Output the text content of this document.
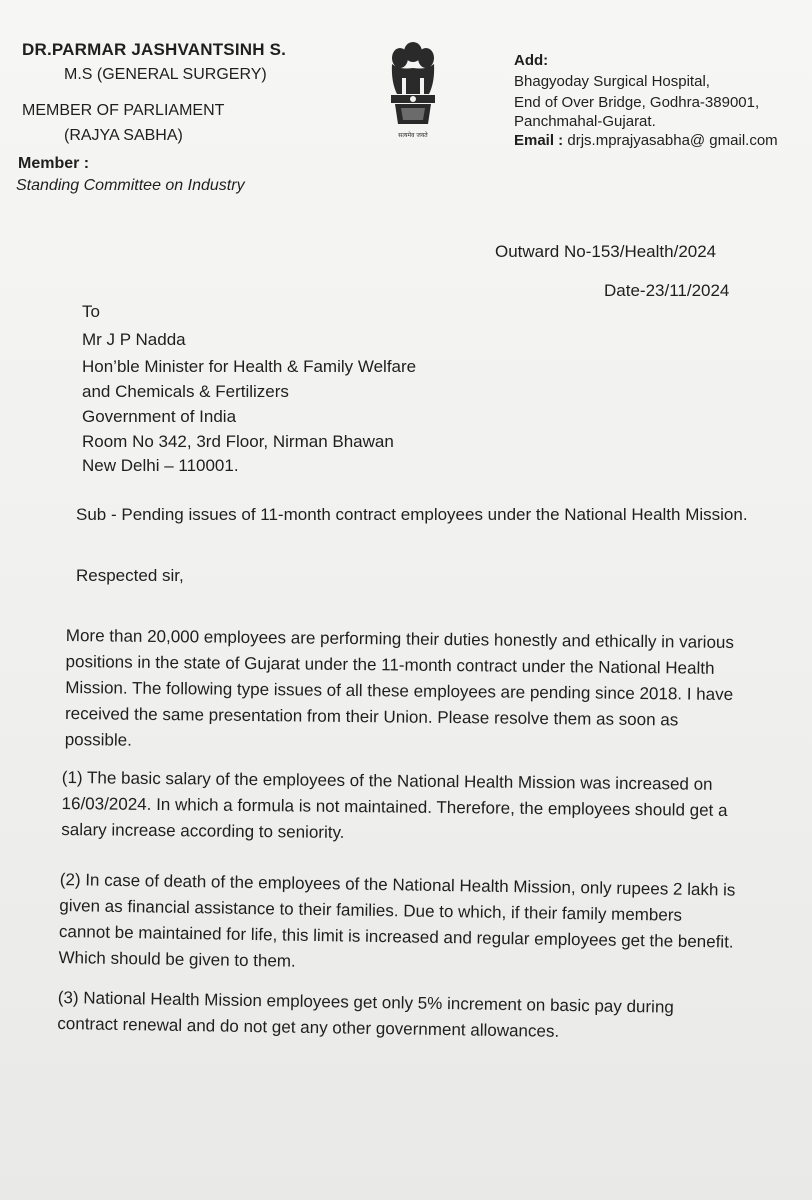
DR.PARMAR JASHVANTSINH S.
M.S (GENERAL SURGERY)
MEMBER OF PARLIAMENT
(RAJYA SABHA)
Member :
Standing Committee on Industry
सत्यमेव जयते
Add:
Bhagyoday Surgical Hospital,
End of Over Bridge, Godhra-389001,
Panchmahal-Gujarat.
Email : drjs.mprajyasabha@ gmail.com
Outward No-153/Health/2024
Date-23/11/2024
To
Mr J P Nadda
Hon’ble Minister for Health & Family Welfare
and Chemicals & Fertilizers
Government of India
Room No 342, 3rd Floor, Nirman Bhawan
New Delhi – 110001.
Sub - Pending issues of 11-month contract employees under the National Health Mission.
Respected sir,
More than 20,000 employees are performing their duties honestly and ethically in various positions in the state of Gujarat under the 11-month contract under the National Health Mission. The following type issues of all these employees are pending since 2018. I have received the same presentation from their Union. Please resolve them as soon as possible.
(1) The basic salary of the employees of the National Health Mission was increased on 16/03/2024. In which a formula is not maintained. Therefore, the employees should get a salary increase according to seniority.
(2) In case of death of the employees of the National Health Mission, only rupees 2 lakh is given as financial assistance to their families. Due to which, if their family members cannot be maintained for life, this limit is increased and regular employees get the benefit. Which should be given to them.
(3) National Health Mission employees get only 5% increment on basic pay during contract renewal and do not get any other government allowances.
